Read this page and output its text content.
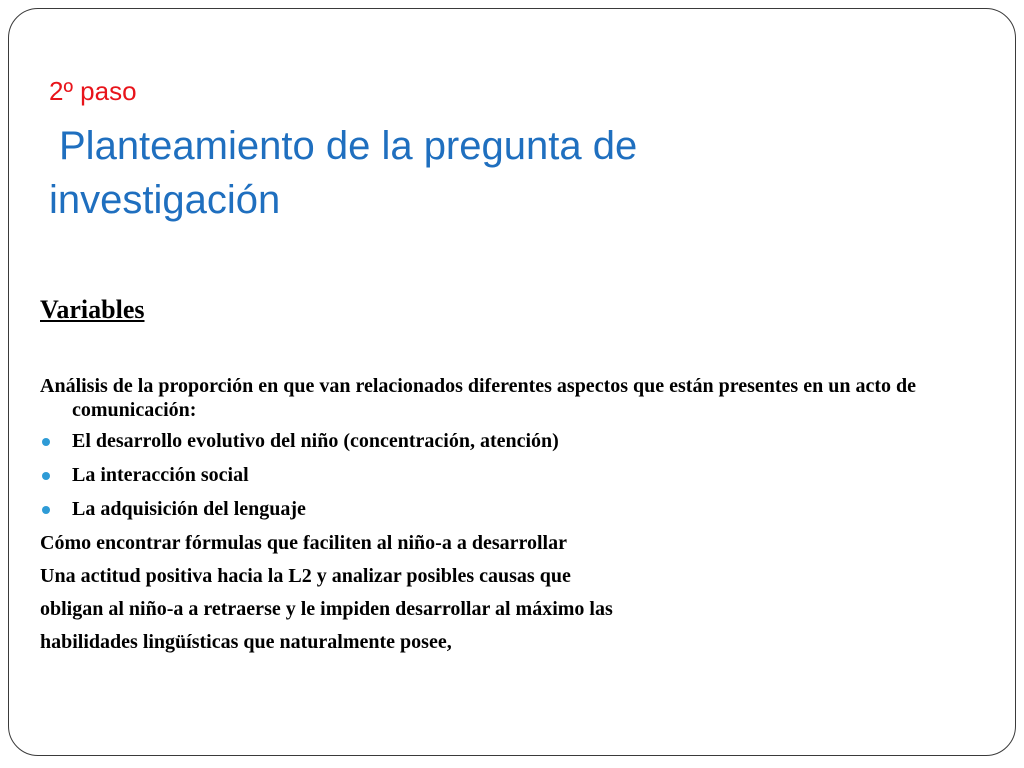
2º paso

Planteamiento de la pregunta de
investigación
Variables

Análisis de la proporción en que van relacionados diferentes aspectos que están presentes en un acto de comunicación:

El desarrollo evolutivo del niño (concentración, atención)
La interacción social
La adquisición del lenguaje

Cómo encontrar fórmulas que faciliten al niño-a a desarrollar

Una actitud positiva hacia la L2 y analizar posibles causas que

obligan al niño-a a retraerse y le impiden desarrollar al máximo las

habilidades lingüísticas que naturalmente posee,
